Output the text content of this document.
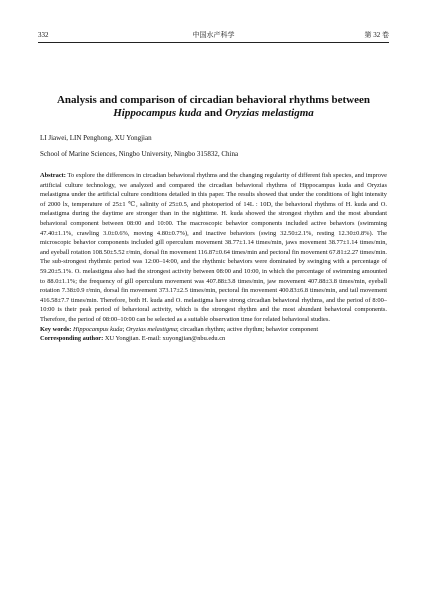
332	中国水产科学	第 32 卷
Analysis and comparison of circadian behavioral rhythms between
Hippocampus kuda and Oryzias melastigma
LI Jiawei, LIN Penghong, XU Yongjian
School of Marine Sciences, Ningbo University, Ningbo 315832, China

Abstract: To explore the differences in circadian behavioral rhythms and the changing regularity of different fish species, and improve artificial culture technology, we analyzed and compared the circadian behavioral rhythms of Hippocampus kuda and Oryzias melastigma under the artificial culture conditions detailed in this paper. The results showed that under the conditions of light intensity of 2000 lx, temperature of 25±1 ℃, salinity of 25±0.5, and photoperiod of 14L : 10D, the behavioral rhythms of H. kuda and O. melastigma during the daytime are stronger than in the nighttime. H. kuda showed the strongest rhythm and the most abundant behavioral component between 08:00 and 10:00. The macroscopic behavior components included active behaviors (swimming 47.40±1.1%, crawling 3.0±0.6%, moving 4.80±0.7%), and inactive behaviors (swing 32.50±2.1%, resting 12.30±0.8%). The microscopic behavior components included gill operculum movement 38.77±1.14 times/min, jaws movement 38.77±1.14 times/min, and eyeball rotation 108.50±5.52 r/min, dorsal fin movement 116.87±0.64 times/min and pectoral fin movement 67.81±2.27 times/min. The sub-strongest rhythmic period was 12:00–14:00, and the rhythmic behaviors were dominated by swinging with a percentage of 59.20±5.1%. O. melastigma also had the strongest activity between 08:00 and 10:00, in which the percentage of swimming amounted to 88.0±1.1%; the frequency of gill operculum movement was 407.88±3.8 times/min, jaw movement 407.88±3.8 times/min, eyeball rotation 7.38±0.9 r/min, dorsal fin movement 373.17±2.5 times/min, pectoral fin movement 400.83±6.8 times/min, and tail movement 416.58±7.7 times/min. Therefore, both H. kuda and O. melastigma have strong circadian behavioral rhythms, and the period of 8:00–10:00 is their peak period of behavioral activity, which is the strongest rhythm and the most abundant behavioral components. Therefore, the period of 08:00–10:00 can be selected as a suitable observation time for related behavioral studies.

Key words: Hippocampus kuda; Oryzias melastigma; circadian rhythm; active rhythm; behavior component

Corresponding author: XU Yongjian. E-mail: xuyongjian@nbu.edu.cn
